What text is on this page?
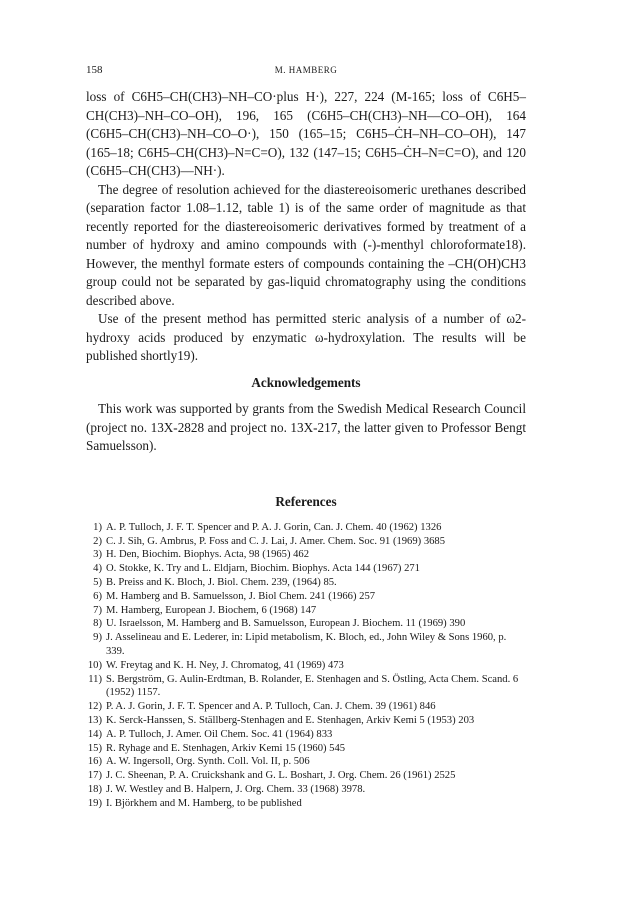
158	M. HAMBERG

loss of C6H5–CH(CH3)–NH–CO·plus H·), 227, 224 (M-165; loss of C6H5–CH(CH3)–NH–CO–OH), 196, 165 (C6H5–CH(CH3)–NH––CO–OH), 164 (C6H5–CH(CH3)–NH–CO–O·), 150 (165–15; C6H5–ĊH–NH–CO–OH), 147 (165–18; C6H5–CH(CH3)–N=C=O), 132 (147–15; C6H5–ĊH–N=C=O), and 120 (C6H5–CH(CH3)––NH·).

The degree of resolution achieved for the diastereoisomeric urethanes described (separation factor 1.08–1.12, table 1) is of the same order of magnitude as that recently reported for the diastereoisomeric derivatives formed by treatment of a number of hydroxy and amino compounds with (-)-menthyl chloroformate18). However, the menthyl formate esters of compounds containing the –CH(OH)CH3 group could not be separated by gas-liquid chromatography using the conditions described above.

Use of the present method has permitted steric analysis of a number of ω2-hydroxy acids produced by enzymatic ω-hydroxylation. The results will be published shortly19).

Acknowledgements

This work was supported by grants from the Swedish Medical Research Council (project no. 13X-2828 and project no. 13X-217, the latter given to Professor Bengt Samuelsson).

References
1) A. P. Tulloch, J. F. T. Spencer and P. A. J. Gorin, Can. J. Chem. 40 (1962) 1326
2) C. J. Sih, G. Ambrus, P. Foss and C. J. Lai, J. Amer. Chem. Soc. 91 (1969) 3685
3) H. Den, Biochim. Biophys. Acta, 98 (1965) 462
4) O. Stokke, K. Try and L. Eldjarn, Biochim. Biophys. Acta 144 (1967) 271
5) B. Preiss and K. Bloch, J. Biol. Chem. 239, (1964) 85.
6) M. Hamberg and B. Samuelsson, J. Biol Chem. 241 (1966) 257
7) M. Hamberg, European J. Biochem, 6 (1968) 147
8) U. Israelsson, M. Hamberg and B. Samuelsson, European J. Biochem. 11 (1969) 390
9) J. Asselineau and E. Lederer, in: Lipid metabolism, K. Bloch, ed., John Wiley & Sons 1960, p. 339.
10) W. Freytag and K. H. Ney, J. Chromatog, 41 (1969) 473
11) S. Bergström, G. Aulin-Erdtman, B. Rolander, E. Stenhagen and S. Östling, Acta Chem. Scand. 6 (1952) 1157.
12) P. A. J. Gorin, J. F. T. Spencer and A. P. Tulloch, Can. J. Chem. 39 (1961) 846
13) K. Serck-Hanssen, S. Ställberg-Stenhagen and E. Stenhagen, Arkiv Kemi 5 (1953) 203
14) A. P. Tulloch, J. Amer. Oil Chem. Soc. 41 (1964) 833
15) R. Ryhage and E. Stenhagen, Arkiv Kemi 15 (1960) 545
16) A. W. Ingersoll, Org. Synth. Coll. Vol. II, p. 506
17) J. C. Sheenan, P. A. Cruickshank and G. L. Boshart, J. Org. Chem. 26 (1961) 2525
18) J. W. Westley and B. Halpern, J. Org. Chem. 33 (1968) 3978.
19) I. Björkhem and M. Hamberg, to be published
